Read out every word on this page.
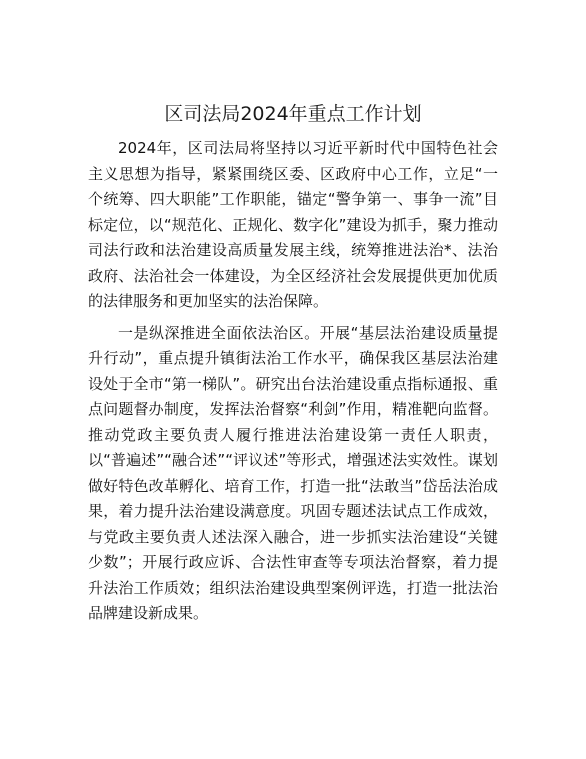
区司法局2024年重点工作计划

2024年，区司法局将坚持以习近平新时代中国特色社会主义思想为指导，紧紧围绕区委、区政府中心工作，立足“一个统筹、四大职能”工作职能，锚定“警争第一、事争一流”目标定位，以“规范化、正规化、数字化”建设为抓手，聚力推动司法行政和法治建设高质量发展主线，统筹推进法治*、法治政府、法治社会一体建设，为全区经济社会发展提供更加优质的法律服务和更加坚实的法治保障。

一是纵深推进全面依法治区。开展“基层法治建设质量提升行动”，重点提升镇街法治工作水平，确保我区基层法治建设处于全市“第一梯队”。研究出台法治建设重点指标通报、重点问题督办制度，发挥法治督察“利剑”作用，精准靶向监督。推动党政主要负责人履行推进法治建设第一责任人职责，以“普遍述”“融合述”“评议述”等形式，增强述法实效性。谋划做好特色改革孵化、培育工作，打造一批“法敢当”岱岳法治成果，着力提升法治建设满意度。巩固专题述法试点工作成效，与党政主要负责人述法深入融合，进一步抓实法治建设“关键少数”；开展行政应诉、合法性审查等专项法治督察，着力提升法治工作质效；组织法治建设典型案例评选，打造一批法治品牌建设新成果。
